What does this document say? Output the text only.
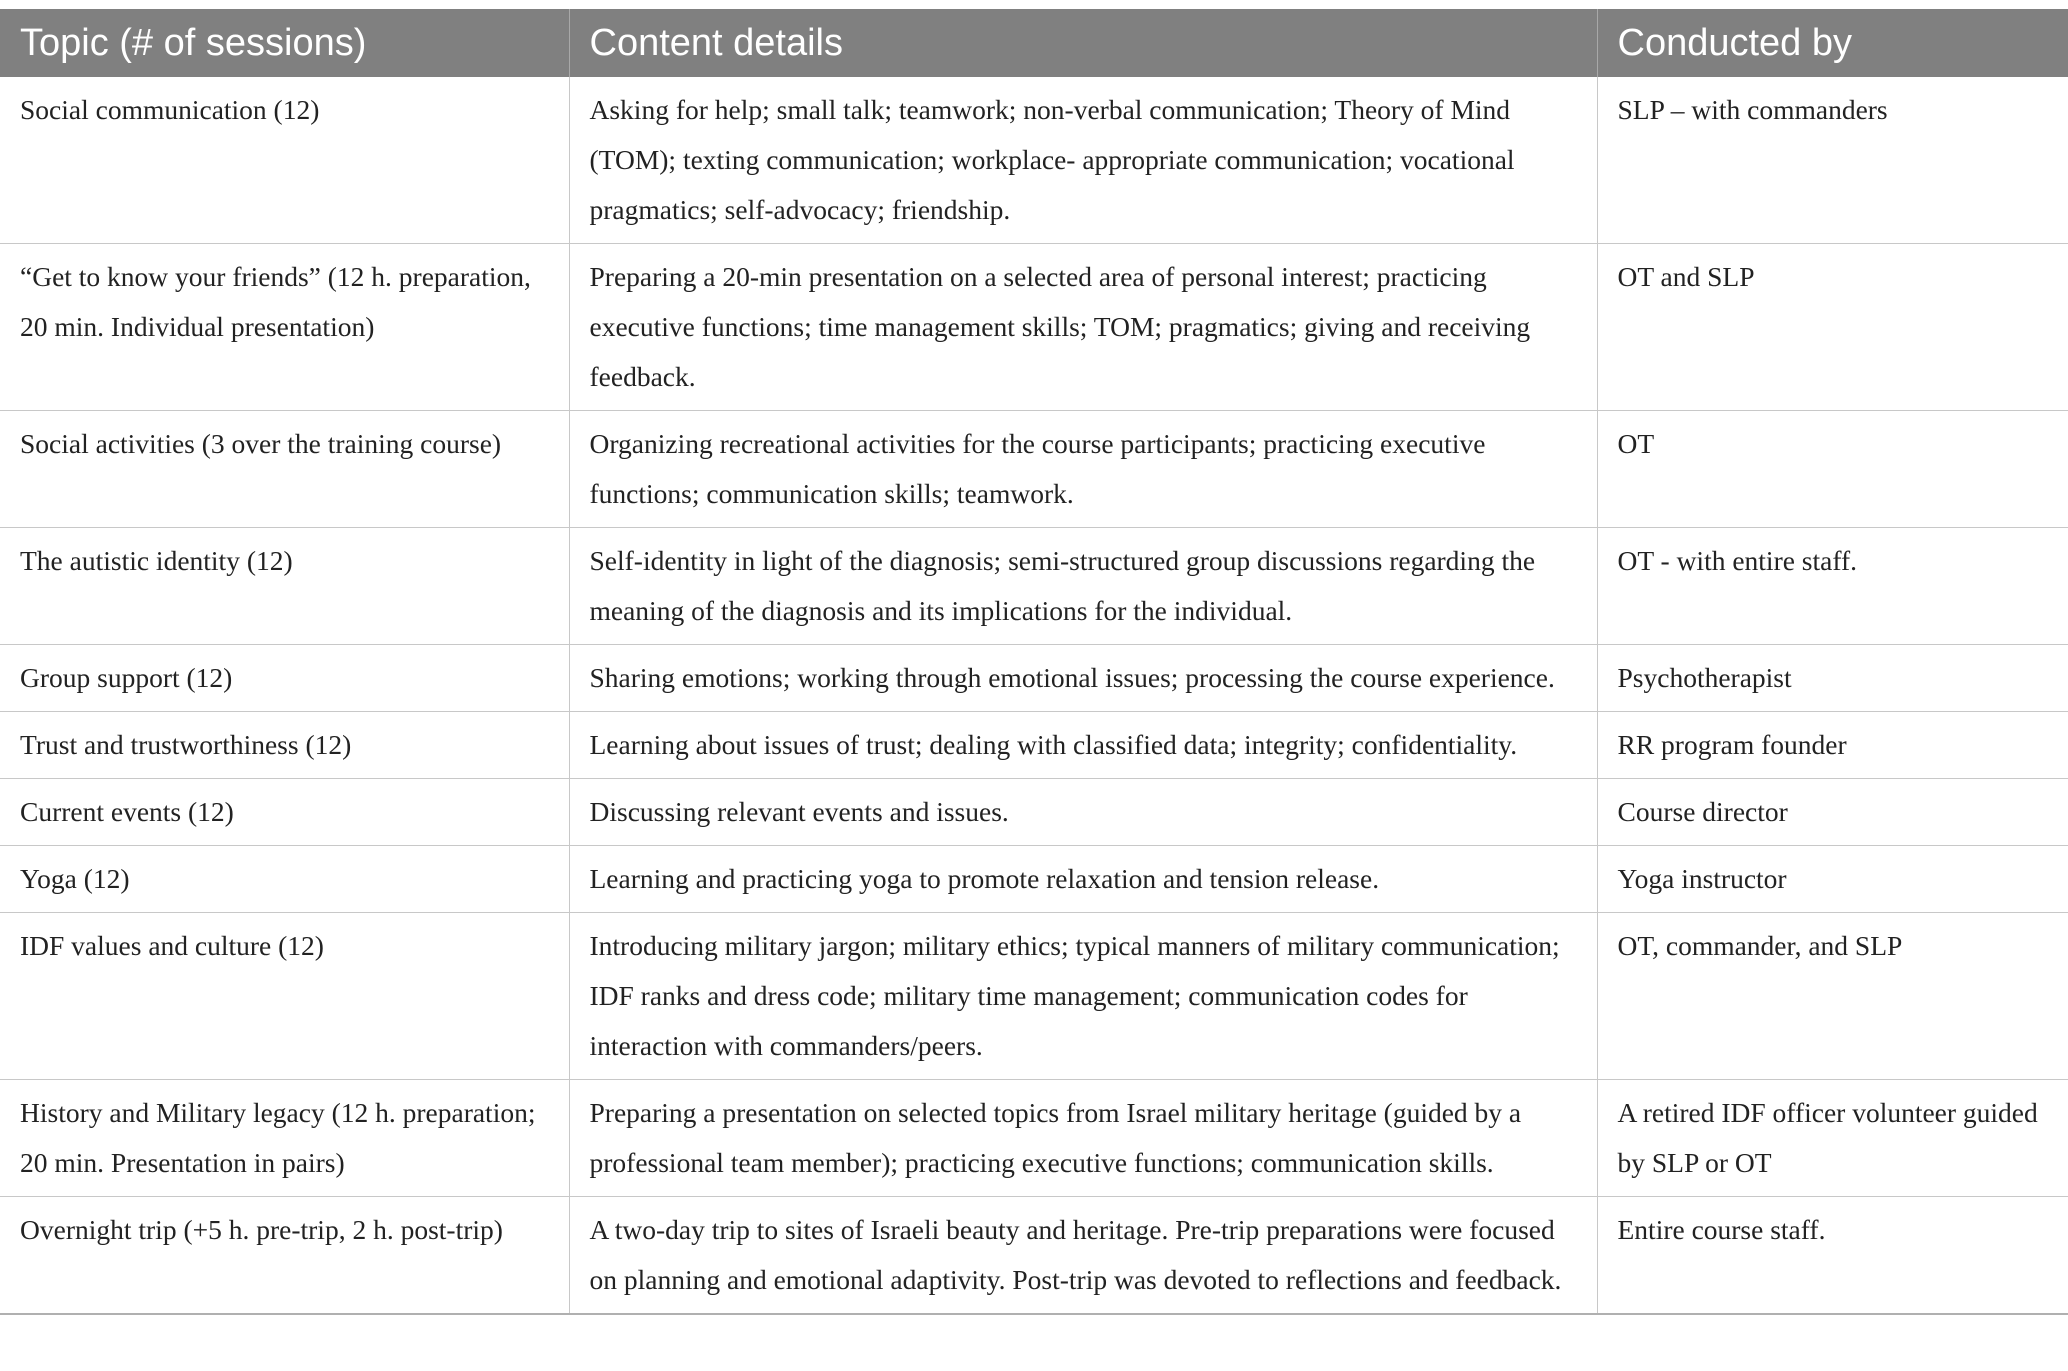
Topic (# of sessions)	Content details	Conducted by
Social communication (12)	Asking for help; small talk; teamwork; non-verbal communication; Theory of Mind (TOM); texting communication; workplace- appropriate communication; vocational pragmatics; self-advocacy; friendship.	SLP – with commanders
“Get to know your friends” (12 h. preparation, 20 min. Individual presentation)	Preparing a 20-min presentation on a selected area of personal interest; practicing executive functions; time management skills; TOM; pragmatics; giving and receiving feedback.	OT and SLP
Social activities (3 over the training course)	Organizing recreational activities for the course participants; practicing executive functions; communication skills; teamwork.	OT
The autistic identity (12)	Self-identity in light of the diagnosis; semi-structured group discussions regarding the meaning of the diagnosis and its implications for the individual.	OT - with entire staff.
Group support (12)	Sharing emotions; working through emotional issues; processing the course experience.	Psychotherapist
Trust and trustworthiness (12)	Learning about issues of trust; dealing with classified data; integrity; confidentiality.	RR program founder
Current events (12)	Discussing relevant events and issues.	Course director
Yoga (12)	Learning and practicing yoga to promote relaxation and tension release.	Yoga instructor
IDF values and culture (12)	Introducing military jargon; military ethics; typical manners of military communication; IDF ranks and dress code; military time management; communication codes for interaction with commanders/peers.	OT, commander, and SLP
History and Military legacy (12 h. preparation; 20 min. Presentation in pairs)	Preparing a presentation on selected topics from Israel military heritage (guided by a professional team member); practicing executive functions; communication skills.	A retired IDF officer volunteer guided by SLP or OT
Overnight trip (+5 h. pre-trip, 2 h. post-trip)	A two-day trip to sites of Israeli beauty and heritage. Pre-trip preparations were focused on planning and emotional adaptivity. Post-trip was devoted to reflections and feedback.	Entire course staff.
